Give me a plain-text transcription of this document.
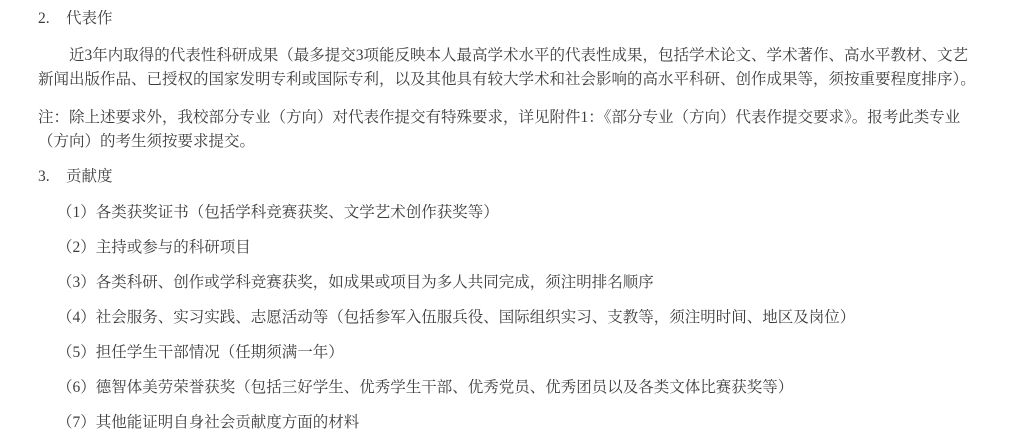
2. 代表作
近3年内取得的代表性科研成果（最多提交3项能反映本人最高学术水平的代表性成果，包括学术论文、学术著作、高水平教材、文艺
新闻出版作品、已授权的国家发明专利或国际专利，以及其他具有较大学术和社会影响的高水平科研、创作成果等，须按重要程度排序）。
注：除上述要求外，我校部分专业（方向）对代表作提交有特殊要求，详见附件1：《部分专业（方向）代表作提交要求》。报考此类专业
（方向）的考生须按要求提交。
3. 贡献度
（1）各类获奖证书（包括学科竞赛获奖、文学艺术创作获奖等）
（2）主持或参与的科研项目
（3）各类科研、创作或学科竞赛获奖，如成果或项目为多人共同完成，须注明排名顺序
（4）社会服务、实习实践、志愿活动等（包括参军入伍服兵役、国际组织实习、支教等，须注明时间、地区及岗位）
（5）担任学生干部情况（任期须满一年）
（6）德智体美劳荣誉获奖（包括三好学生、优秀学生干部、优秀党员、优秀团员以及各类文体比赛获奖等）
（7）其他能证明自身社会贡献度方面的材料
